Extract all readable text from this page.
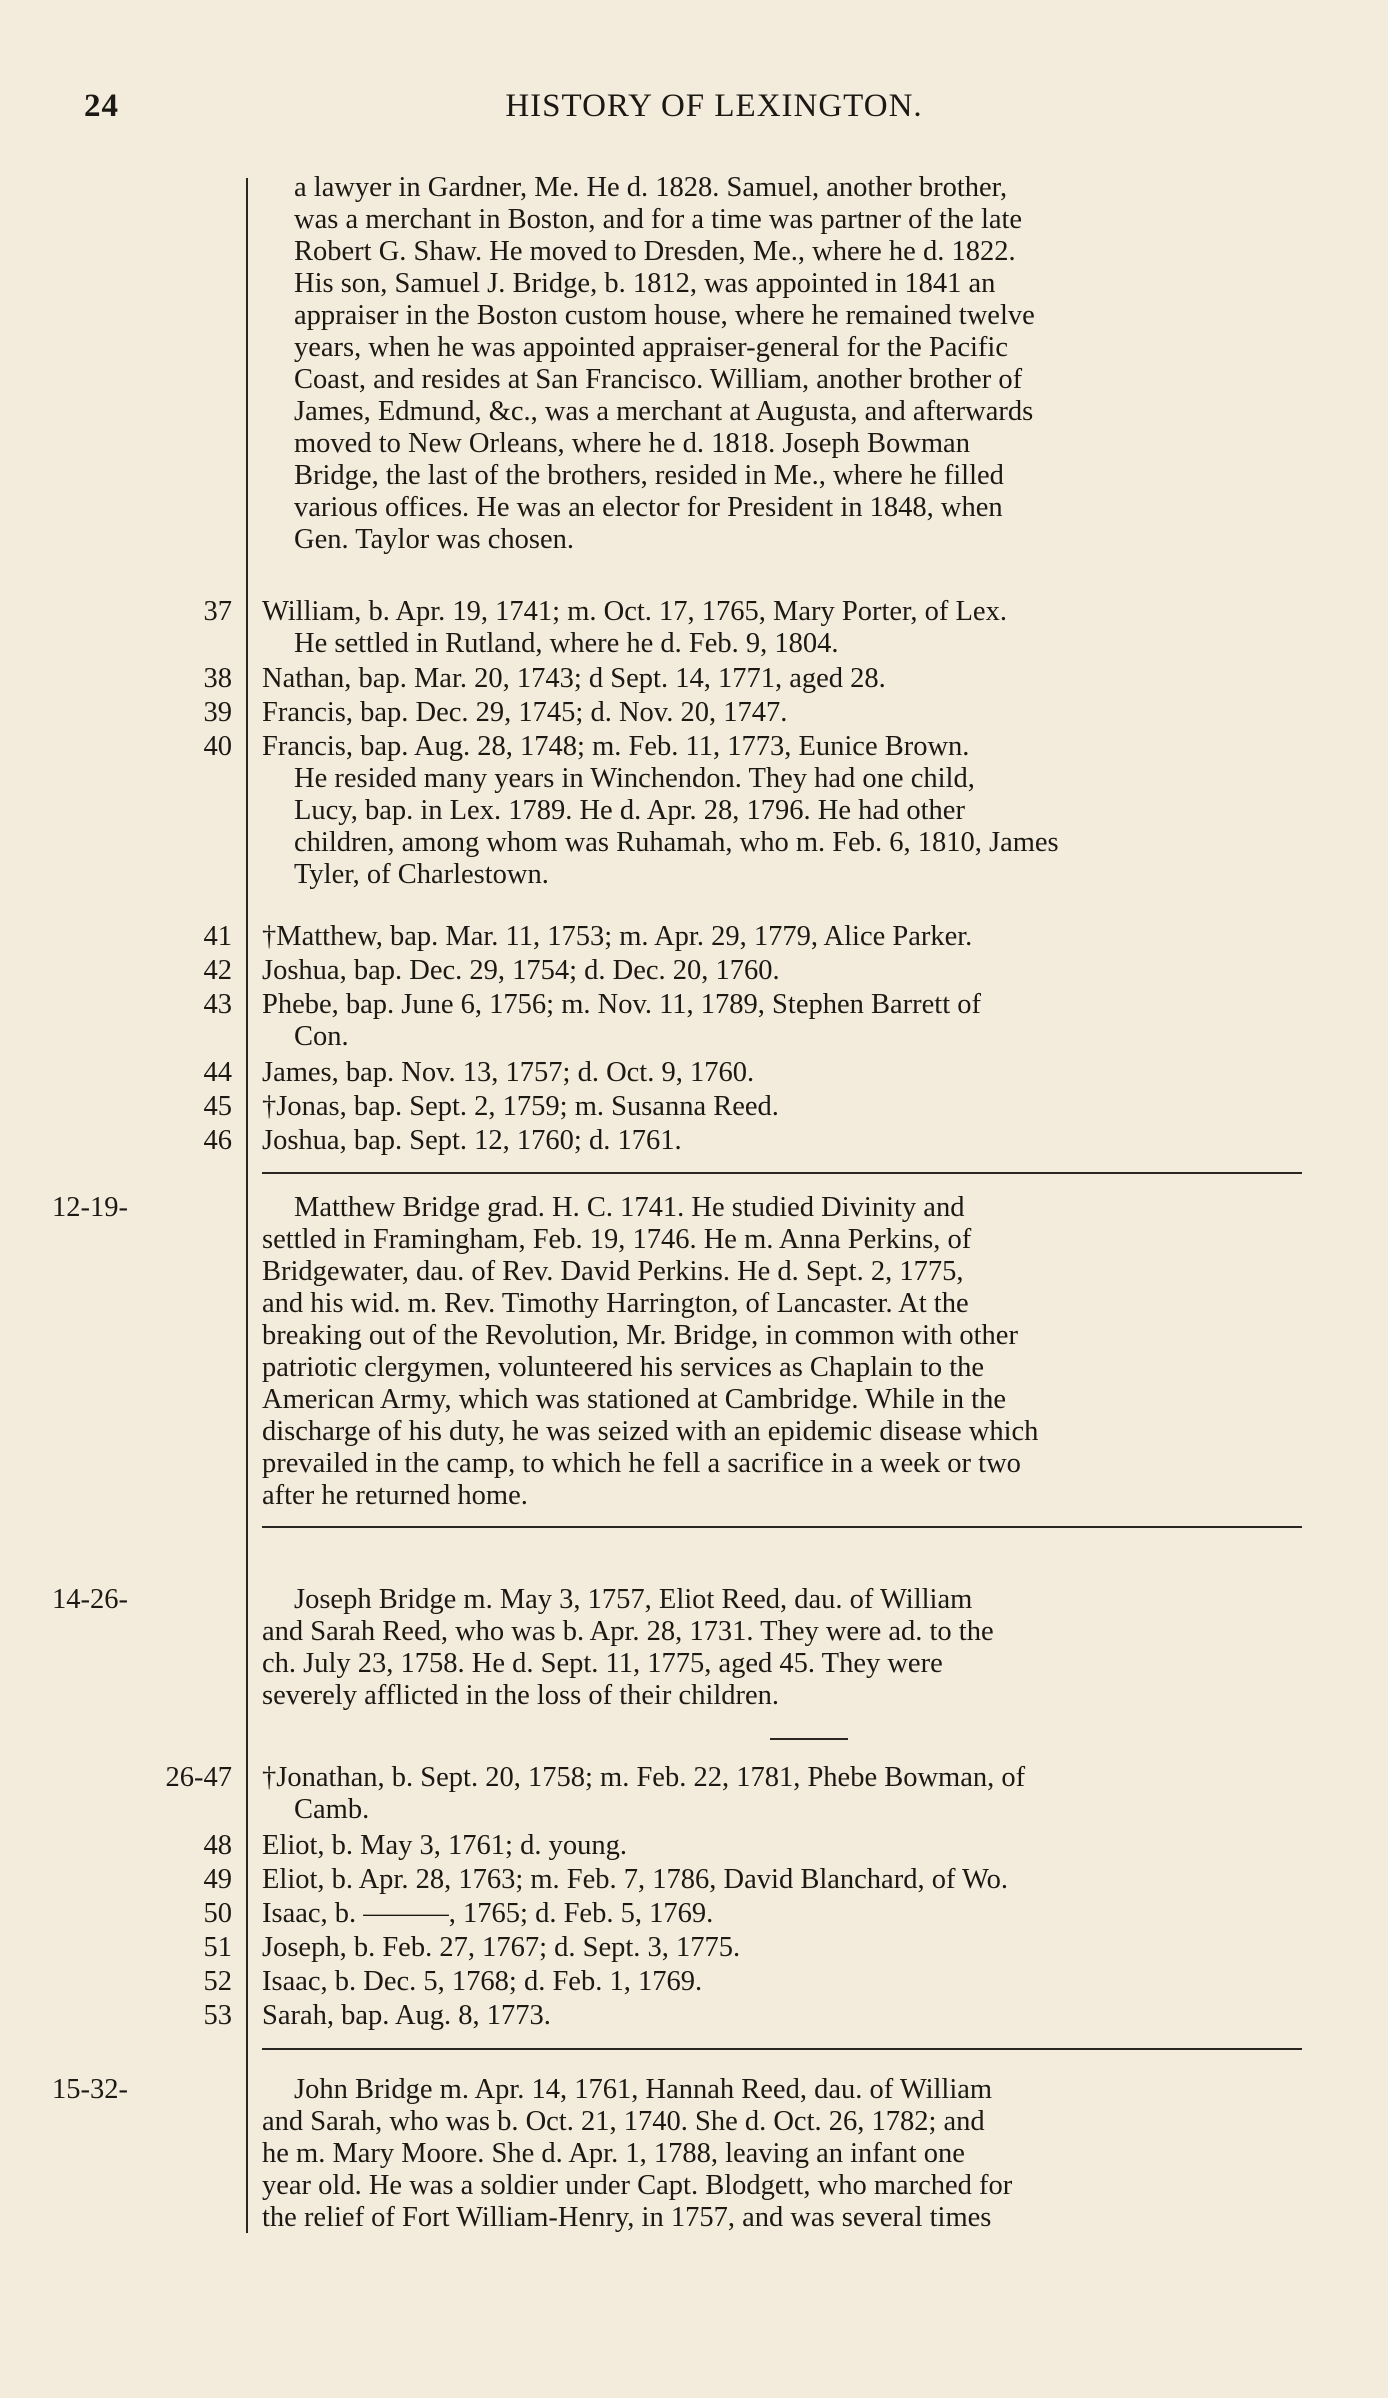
24	HISTORY OF LEXINGTON.
a lawyer in Gardner, Me. He d. 1828. Samuel, another brother,
was a merchant in Boston, and for a time was partner of the late
Robert G. Shaw. He moved to Dresden, Me., where he d. 1822.
His son, Samuel J. Bridge, b. 1812, was appointed in 1841 an
appraiser in the Boston custom house, where he remained twelve
years, when he was appointed appraiser-general for the Pacific
Coast, and resides at San Francisco. William, another brother of
James, Edmund, &c., was a merchant at Augusta, and afterwards
moved to New Orleans, where he d. 1818. Joseph Bowman
Bridge, the last of the brothers, resided in Me., where he filled
various offices. He was an elector for President in 1848, when
Gen. Taylor was chosen.
37 William, b. Apr. 19, 1741; m. Oct. 17, 1765, Mary Porter, of Lex.
He settled in Rutland, where he d. Feb. 9, 1804.
38 Nathan, bap. Mar. 20, 1743; d Sept. 14, 1771, aged 28.
39 Francis, bap. Dec. 29, 1745; d. Nov. 20, 1747.
40 Francis, bap. Aug. 28, 1748; m. Feb. 11, 1773, Eunice Brown.
He resided many years in Winchendon. They had one child,
Lucy, bap. in Lex. 1789. He d. Apr. 28, 1796. He had other
children, among whom was Ruhamah, who m. Feb. 6, 1810, James
Tyler, of Charlestown.
41 †Matthew, bap. Mar. 11, 1753; m. Apr. 29, 1779, Alice Parker.
42 Joshua, bap. Dec. 29, 1754; d. Dec. 20, 1760.
43 Phebe, bap. June 6, 1756; m. Nov. 11, 1789, Stephen Barrett of
Con.
44 James, bap. Nov. 13, 1757; d. Oct. 9, 1760.
45 †Jonas, bap. Sept. 2, 1759; m. Susanna Reed.
46 Joshua, bap. Sept. 12, 1760; d. 1761.
12-19-	Matthew Bridge grad. H. C. 1741. He studied Divinity and
settled in Framingham, Feb. 19, 1746. He m. Anna Perkins, of
Bridgewater, dau. of Rev. David Perkins. He d. Sept. 2, 1775,
and his wid. m. Rev. Timothy Harrington, of Lancaster. At the
breaking out of the Revolution, Mr. Bridge, in common with other
patriotic clergymen, volunteered his services as Chaplain to the
American Army, which was stationed at Cambridge. While in the
discharge of his duty, he was seized with an epidemic disease which
prevailed in the camp, to which he fell a sacrifice in a week or two
after he returned home.
14-26-	Joseph Bridge m. May 3, 1757, Eliot Reed, dau. of William
and Sarah Reed, who was b. Apr. 28, 1731. They were ad. to the
ch. July 23, 1758. He d. Sept. 11, 1775, aged 45. They were
severely afflicted in the loss of their children.
26-47 †Jonathan, b. Sept. 20, 1758; m. Feb. 22, 1781, Phebe Bowman, of
Camb.
48 Eliot, b. May 3, 1761; d. young.
49 Eliot, b. Apr. 28, 1763; m. Feb. 7, 1786, David Blanchard, of Wo.
50 Isaac, b. ———, 1765; d. Feb. 5, 1769.
51 Joseph, b. Feb. 27, 1767; d. Sept. 3, 1775.
52 Isaac, b. Dec. 5, 1768; d. Feb. 1, 1769.
53 Sarah, bap. Aug. 8, 1773.
15-32-	John Bridge m. Apr. 14, 1761, Hannah Reed, dau. of William
and Sarah, who was b. Oct. 21, 1740. She d. Oct. 26, 1782; and
he m. Mary Moore. She d. Apr. 1, 1788, leaving an infant one
year old. He was a soldier under Capt. Blodgett, who marched for
the relief of Fort William-Henry, in 1757, and was several times
